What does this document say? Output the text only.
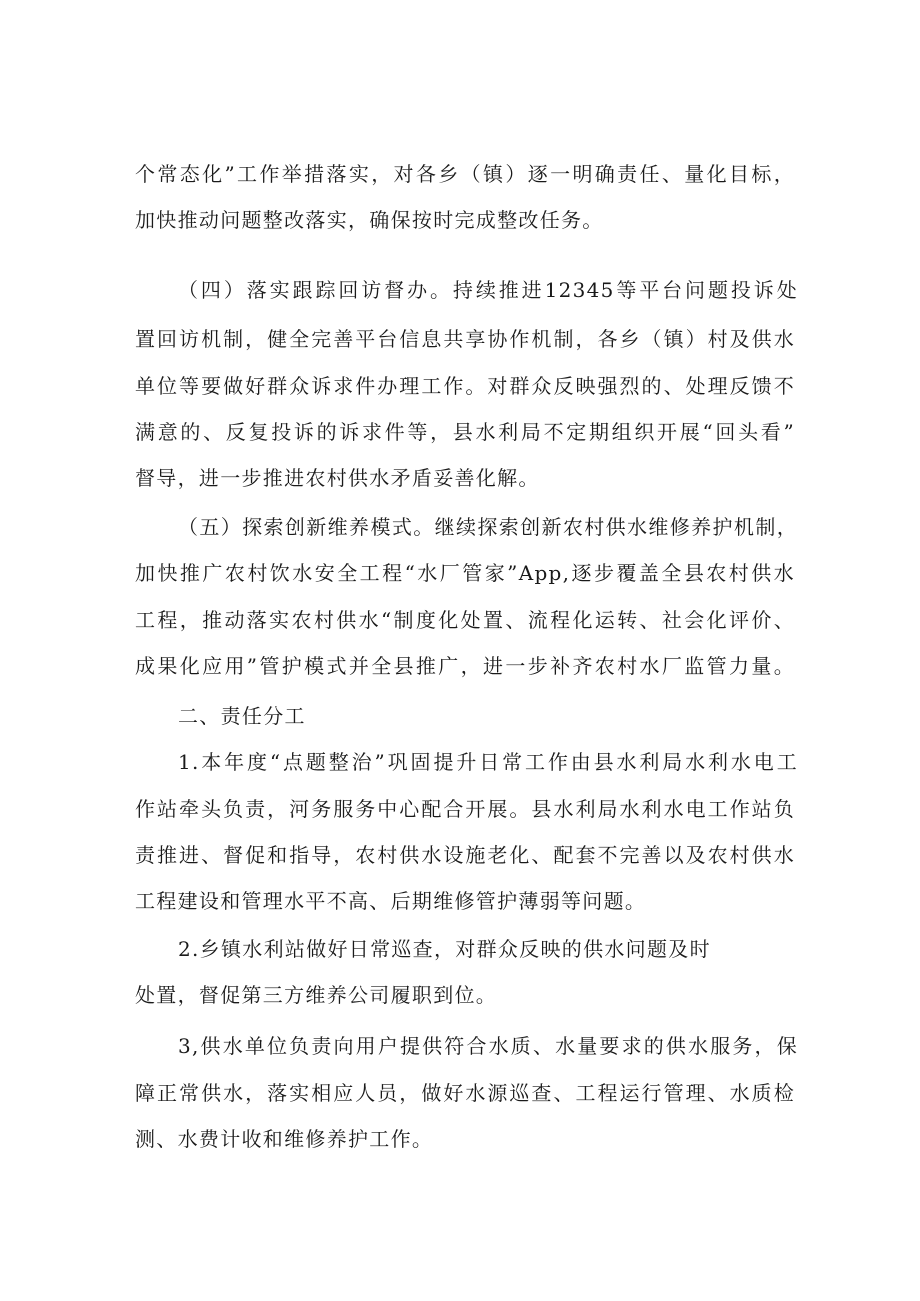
个常态化”工作举措落实，对各乡（镇）逐一明确责任、量化目标，
加快推动问题整改落实，确保按时完成整改任务。
（四）落实跟踪回访督办。持续推进12345等平台问题投诉处
置回访机制，健全完善平台信息共享协作机制，各乡（镇）村及供水
单位等要做好群众诉求件办理工作。对群众反映强烈的、处理反馈不
满意的、反复投诉的诉求件等，县水利局不定期组织开展“回头看”
督导，进一步推进农村供水矛盾妥善化解。
（五）探索创新维养模式。继续探索创新农村供水维修养护机制，
加快推广农村饮水安全工程“水厂管家”App,逐步覆盖全县农村供水
工程，推动落实农村供水“制度化处置、流程化运转、社会化评价、
成果化应用”管护模式并全县推广，进一步补齐农村水厂监管力量。
二、责任分工
1.本年度“点题整治”巩固提升日常工作由县水利局水利水电工
作站牵头负责，河务服务中心配合开展。县水利局水利水电工作站负
责推进、督促和指导，农村供水设施老化、配套不完善以及农村供水
工程建设和管理水平不高、后期维修管护薄弱等问题。
2.乡镇水利站做好日常巡查，对群众反映的供水问题及时
处置，督促第三方维养公司履职到位。
3,供水单位负责向用户提供符合水质、水量要求的供水服务，保
障正常供水，落实相应人员，做好水源巡查、工程运行管理、水质检
测、水费计收和维修养护工作。
